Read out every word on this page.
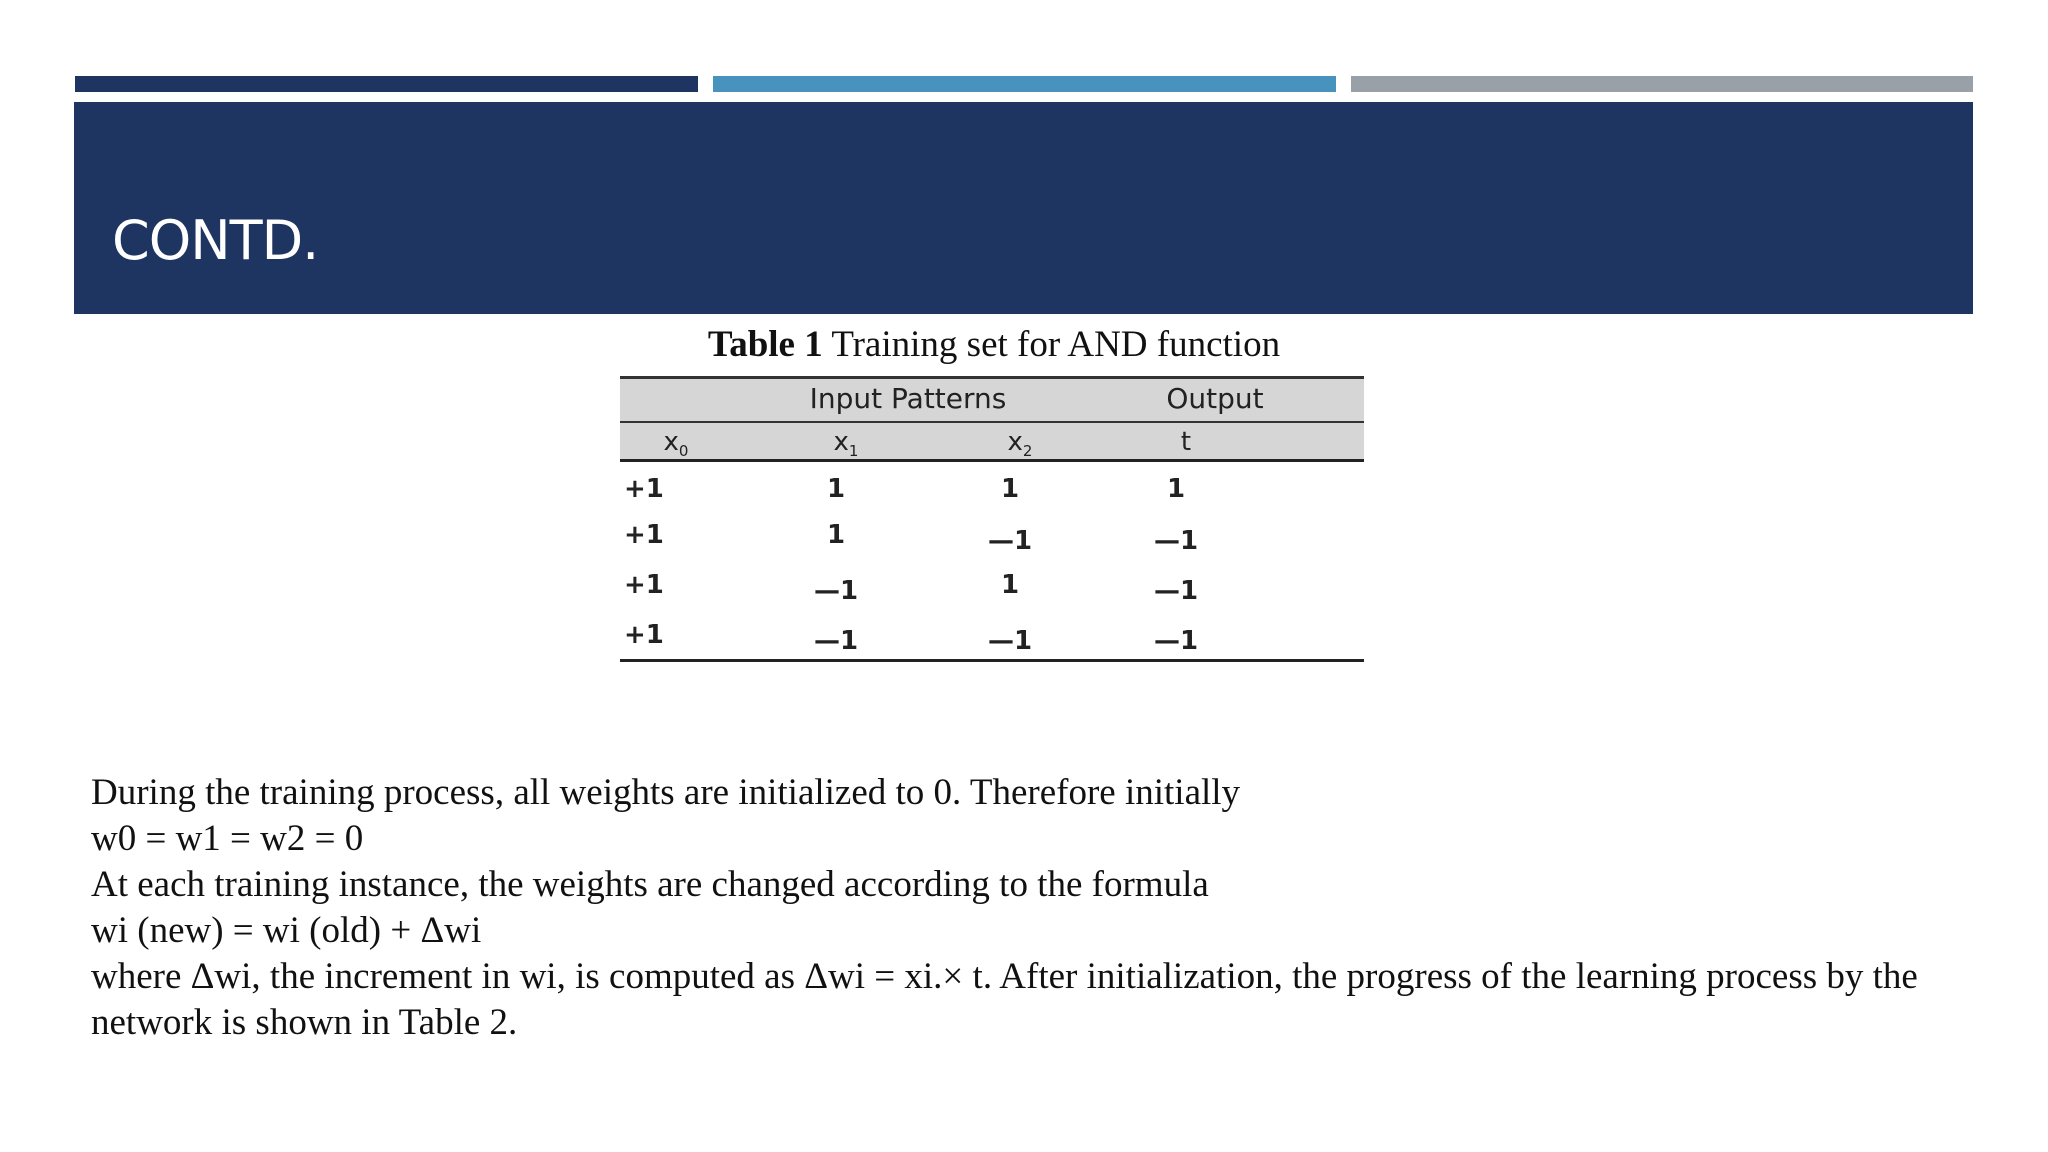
CONTD.
Table 1 Training set for AND function
Input Patterns	Output
$x_0$	$x_1$	$x_2$	t
+1	1	1	1
+1	1	—1	—1
+1	—1	1	—1
+1	—1	—1	—1

During the training process, all weights are initialized to 0. Therefore initially

w0 = w1 = w2 = 0

At each training instance, the weights are changed according to the formula

wi (new) = wi (old) + Δwi

where Δwi, the increment in wi, is computed as Δwi = xi.× t. After initialization, the progress of the learning process by the network is shown in Table 2.
